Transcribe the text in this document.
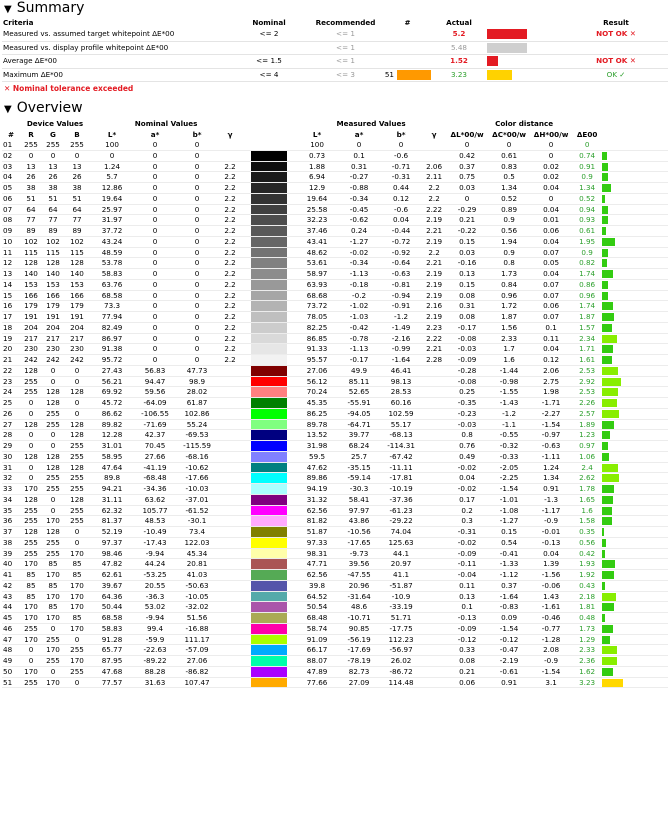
▼ Summary
Criteria	Nominal	Recommended	#	Actual		Result
Measured vs. assumed target whitepoint ΔE*00	<= 2	<= 1		5.2		NOT OK ✕
Measured vs. display profile whitepoint ΔE*00		<= 1		5.48		
Average ΔE*00	<= 1.5	<= 1		1.52		NOT OK ✕
Maximum ΔE*00	<= 4	<= 3	51	3.23		OK ✓
✕ Nominal tolerance exceeded
▼ Overview
	Device Values			Nominal Values					Measured Values				Color distance				
#	R	G	B	L*	a*	b*	γ		L*	a*	b*	γ	ΔL*00/w	ΔC*00/w	ΔH*00/w	ΔE00	
01	255	255	255	100	0	0			100	0	0		0	0	0	0	
02	0	0	0	0	0	0			0.73	0.1	-0.6		0.42	0.61	0	0.74	
03	13	13	13	1.24	0	0	2.2		1.88	0.31	-0.71	2.06	0.37	0.83	0.02	0.91	
04	26	26	26	5.7	0	0	2.2		6.94	-0.27	-0.31	2.11	0.75	0.5	0.02	0.9	
05	38	38	38	12.86	0	0	2.2		12.9	-0.88	0.44	2.2	0.03	1.34	0.04	1.34	
06	51	51	51	19.64	0	0	2.2		19.64	-0.34	0.12	2.2	0	0.52	0	0.52	
07	64	64	64	25.97	0	0	2.2		25.58	-0.45	-0.6	2.22	-0.29	0.89	0.04	0.94	
08	77	77	77	31.97	0	0	2.2		32.23	-0.62	0.04	2.19	0.21	0.9	0.01	0.93	
09	89	89	89	37.72	0	0	2.2		37.46	0.24	-0.44	2.21	-0.22	0.56	0.06	0.61	
10	102	102	102	43.24	0	0	2.2		43.41	-1.27	-0.72	2.19	0.15	1.94	0.04	1.95	
11	115	115	115	48.59	0	0	2.2		48.62	-0.02	-0.92	2.2	0.03	0.9	0.07	0.9	
12	128	128	128	53.78	0	0	2.2		53.61	-0.34	-0.64	2.21	-0.16	0.8	0.05	0.82	
13	140	140	140	58.83	0	0	2.2		58.97	-1.13	-0.63	2.19	0.13	1.73	0.04	1.74	
14	153	153	153	63.76	0	0	2.2		63.93	-0.18	-0.81	2.19	0.15	0.84	0.07	0.86	
15	166	166	166	68.58	0	0	2.2		68.68	-0.2	-0.94	2.19	0.08	0.96	0.07	0.96	
16	179	179	179	73.3	0	0	2.2		73.72	-1.02	-0.91	2.16	0.31	1.72	0.06	1.74	
17	191	191	191	77.94	0	0	2.2		78.05	-1.03	-1.2	2.19	0.08	1.87	0.07	1.87	
18	204	204	204	82.49	0	0	2.2		82.25	-0.42	-1.49	2.23	-0.17	1.56	0.1	1.57	
19	217	217	217	86.97	0	0	2.2		86.85	-0.78	-2.16	2.22	-0.08	2.33	0.11	2.34	
20	230	230	230	91.38	0	0	2.2		91.33	-1.13	-0.99	2.21	-0.03	1.7	0.04	1.71	
21	242	242	242	95.72	0	0	2.2		95.57	-0.17	-1.64	2.28	-0.09	1.6	0.12	1.61	
22	128	0	0	27.43	56.83	47.73			27.06	49.9	46.41		-0.28	-1.44	2.06	2.53	
23	255	0	0	56.21	94.47	98.9			56.12	85.11	98.13		-0.08	-0.98	2.75	2.92	
24	255	128	128	69.92	59.56	28.02			70.24	52.65	28.53		0.25	-1.55	1.98	2.53	
25	0	128	0	45.72	-64.09	61.87			45.35	-55.91	60.16		-0.35	-1.43	-1.71	2.26	
26	0	255	0	86.62	-106.55	102.86			86.25	-94.05	102.59		-0.23	-1.2	-2.27	2.57	
27	128	255	128	89.82	-71.69	55.24			89.78	-64.71	55.17		-0.03	-1.1	-1.54	1.89	
28	0	0	128	12.28	42.37	-69.53			13.52	39.77	-68.13		0.8	-0.55	-0.97	1.23	
29	0	0	255	31.01	70.45	-115.59			31.98	68.24	-114.31		0.76	-0.32	-0.63	0.97	
30	128	128	255	58.95	27.66	-68.16			59.5	25.7	-67.42		0.49	-0.33	-1.11	1.06	
31	0	128	128	47.64	-41.19	-10.62			47.62	-35.15	-11.11		-0.02	-2.05	1.24	2.4	
32	0	255	255	89.8	-68.48	-17.66			89.86	-59.14	-17.81		0.04	-2.25	1.34	2.62	
33	170	255	255	94.21	-34.36	-10.03			94.19	-30.3	-10.19		-0.02	-1.54	0.91	1.78	
34	128	0	128	31.11	63.62	-37.01			31.32	58.41	-37.36		0.17	-1.01	-1.3	1.65	
35	255	0	255	62.32	105.77	-61.52			62.56	97.97	-61.23		0.2	-1.08	-1.17	1.6	
36	255	170	255	81.37	48.53	-30.1			81.82	43.86	-29.22		0.3	-1.27	-0.9	1.58	
37	128	128	0	52.19	-10.49	73.4			51.87	-10.56	74.04		-0.31	0.15	-0.01	0.35	
38	255	255	0	97.37	-17.43	122.03			97.33	-17.65	125.63		-0.02	0.54	-0.13	0.56	
39	255	255	170	98.46	-9.94	45.34			98.31	-9.73	44.1		-0.09	-0.41	0.04	0.42	
40	170	85	85	47.82	44.24	20.81			47.71	39.56	20.97		-0.11	-1.33	1.39	1.93	
41	85	170	85	62.61	-53.25	41.03			62.56	-47.55	41.1		-0.04	-1.12	-1.56	1.92	
42	85	85	170	39.67	20.55	-50.63			39.8	20.96	-51.87		0.11	0.37	-0.06	0.43	
43	85	170	170	64.36	-36.3	-10.05			64.52	-31.64	-10.9		0.13	-1.64	1.43	2.18	
44	170	85	170	50.44	53.02	-32.02			50.54	48.6	-33.19		0.1	-0.83	-1.61	1.81	
45	170	170	85	68.58	-9.94	51.56			68.48	-10.71	51.71		-0.13	0.09	-0.46	0.48	
46	255	0	170	58.83	99.4	-16.88			58.74	90.85	-17.75		-0.09	-1.54	-0.77	1.73	
47	170	255	0	91.28	-59.9	111.17			91.09	-56.19	112.23		-0.12	-0.12	-1.28	1.29	
48	0	170	255	65.77	-22.63	-57.09			66.17	-17.69	-56.97		0.33	-0.47	2.08	2.33	
49	0	255	170	87.95	-89.22	27.06			88.07	-78.19	26.02		0.08	-2.19	-0.9	2.36	
50	170	0	255	47.68	88.28	-86.82			47.89	82.73	-86.72		0.21	-0.61	-1.54	1.62	
51	255	170	0	77.57	31.63	107.47			77.66	27.09	114.48		0.06	0.91	3.1	3.23	
